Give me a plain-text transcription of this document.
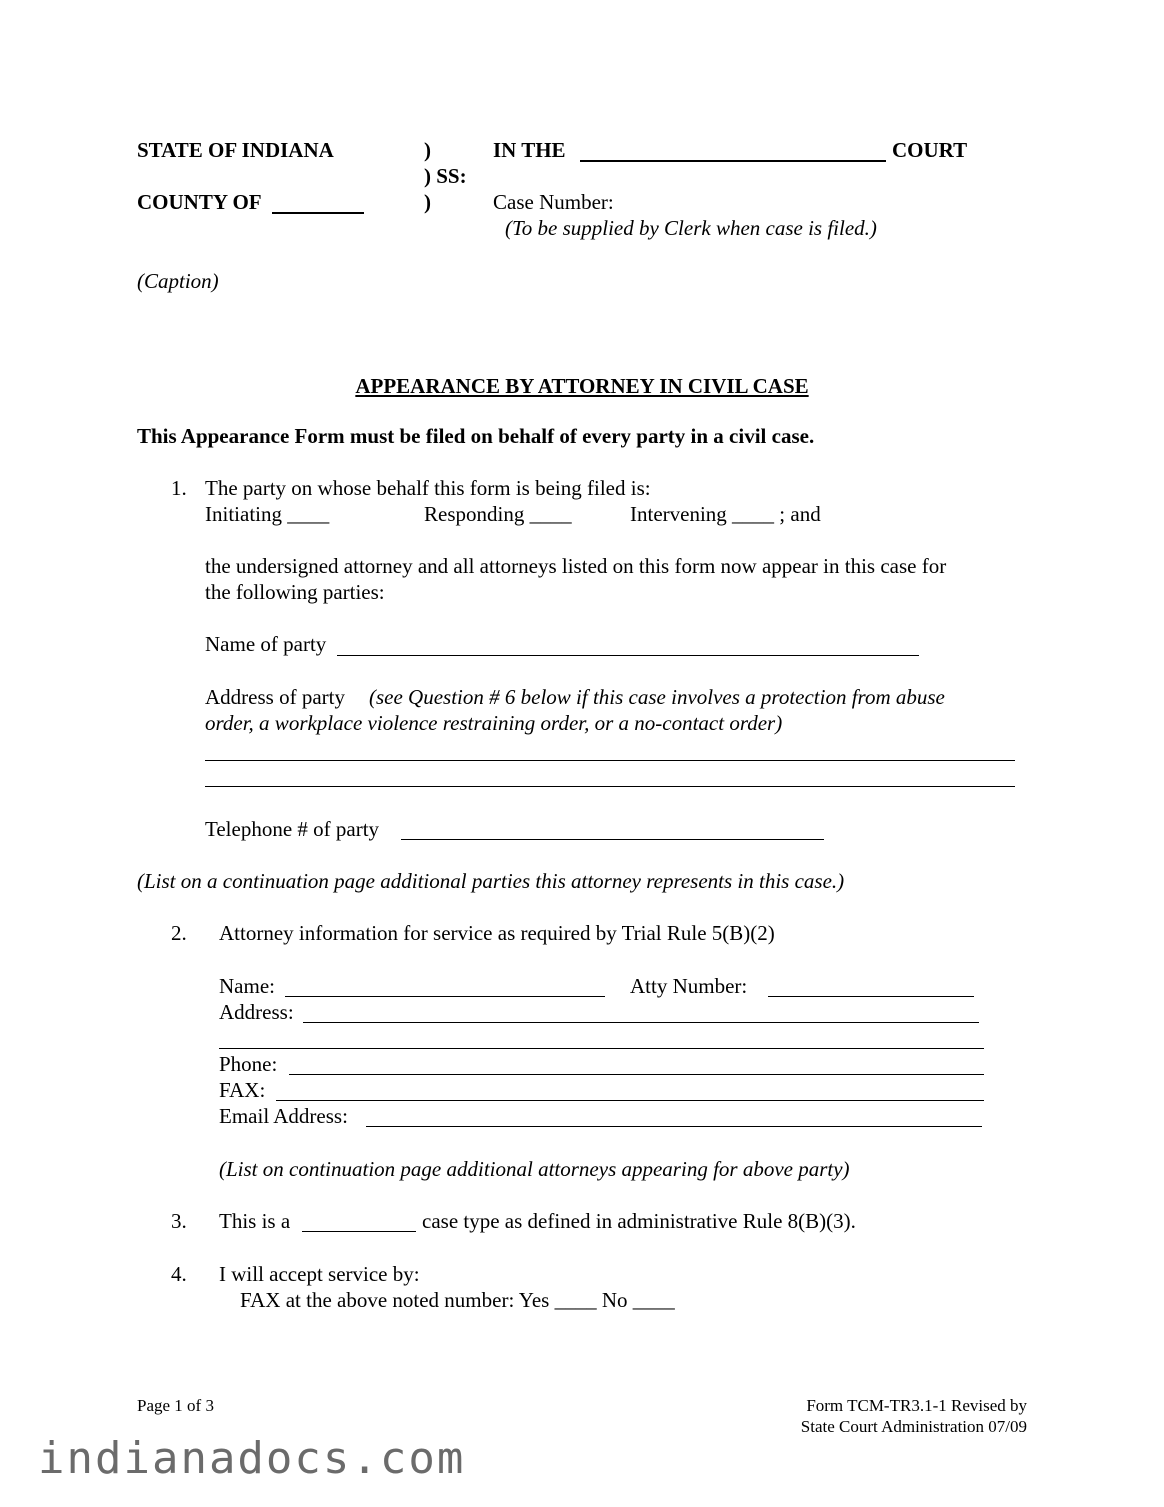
STATE OF INDIANA	)	IN THE	COURT
) SS:
COUNTY OF	)	Case Number:
(To be supplied by Clerk when case is filed.)
(Caption)
APPEARANCE BY ATTORNEY IN CIVIL CASE
This Appearance Form must be filed on behalf of every party in a civil case.
1. The party on whose behalf this form is being filed is:
Initiating ____	Responding ____	Intervening ____ ; and
the undersigned attorney and all attorneys listed on this form now appear in this case for
the following parties:
Name of party
Address of party (see Question # 6 below if this case involves a protection from abuse
order, a workplace violence restraining order, or a no-contact order)
Telephone # of party
(List on a continuation page additional parties this attorney represents in this case.)
2. Attorney information for service as required by Trial Rule 5(B)(2)
Name:	Atty Number:
Address:
Phone:
FAX:
Email Address:
(List on continuation page additional attorneys appearing for above party)
3. This is a	case type as defined in administrative Rule 8(B)(3).
4. I will accept service by:
FAX at the above noted number: Yes ____ No ____
Page 1 of 3	Form TCM-TR3.1-1 Revised by
State Court Administration 07/09
indianadocs.com
